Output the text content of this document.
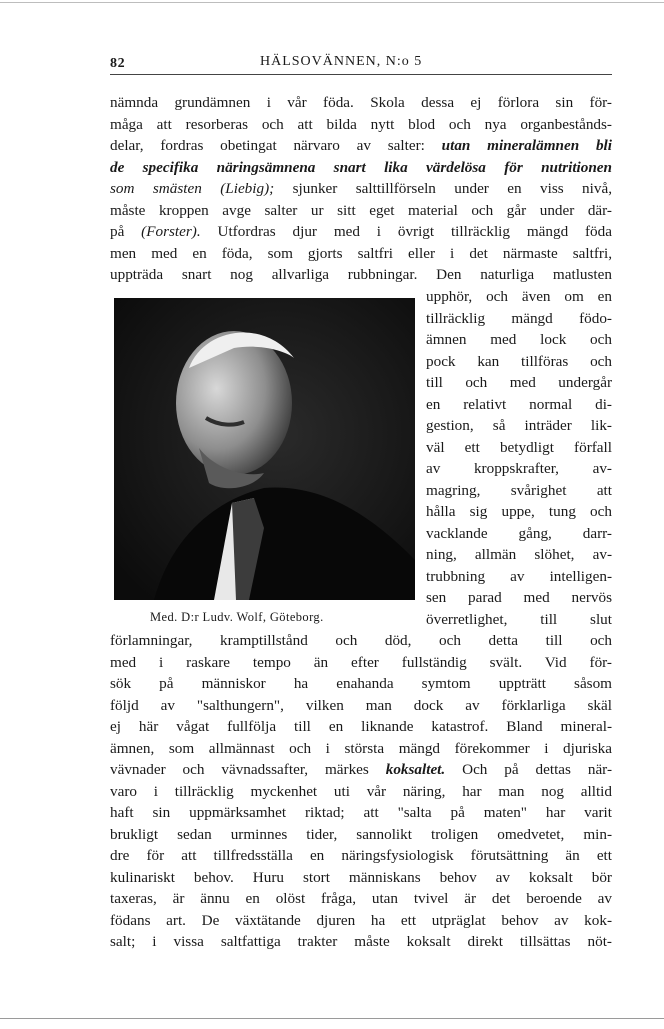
82	HÄLSOVÄNNEN, N:o 5

nämnda grundämnen i vår föda. Skola dessa ej förlora sin för-

måga att resorberas och att bilda nytt blod och nya organbestånds-

delar, fordras obetingat närvaro av salter: utan mineralämnen bli

de specifika näringsämnena snart lika värdelösa för nutritionen

som smästen (Liebig); sjunker salttillförseln under en viss nivå,

måste kroppen avge salter ur sitt eget material och går under där-

på (Forster). Utfordras djur med i övrigt tillräcklig mängd föda

men med en föda, som gjorts saltfri eller i det närmaste saltfri,

uppträda snart nog allvarliga rubbningar. Den naturliga matlusten

Med. D:r Ludv. Wolf, Göteborg.

upphör, och även om en

tillräcklig mängd födo-

ämnen med lock och

pock kan tillföras och

till och med undergår

en relativt normal di-

gestion, så inträder lik-

väl ett betydligt förfall

av kroppskrafter, av-

magring, svårighet att

hålla sig uppe, tung och

vacklande gång, darr-

ning, allmän slöhet, av-

trubbning av intelligen-

sen parad med nervös

överretlighet, till slut

förlamningar, kramptillstånd och död, och detta till och

med i raskare tempo än efter fullständig svält. Vid för-

sök på människor ha enahanda symtom uppträtt såsom

följd av "salthungern", vilken man dock av förklarliga skäl

ej här vågat fullfölja till en liknande katastrof. Bland mineral-

ämnen, som allmännast och i största mängd förekommer i djuriska

vävnader och vävnadssafter, märkes koksaltet. Och på dettas när-

varo i tillräcklig myckenhet uti vår näring, har man nog alltid

haft sin uppmärksamhet riktad; att "salta på maten" har varit

brukligt sedan urminnes tider, sannolikt troligen omedvetet, min-

dre för att tillfredsställa en näringsfysiologisk förutsättning än ett

kulinariskt behov. Huru stort människans behov av koksalt bör

taxeras, är ännu en olöst fråga, utan tvivel är det beroende av

födans art. De växtätande djuren ha ett utpräglat behov av kok-

salt; i vissa saltfattiga trakter måste koksalt direkt tillsättas nöt-
